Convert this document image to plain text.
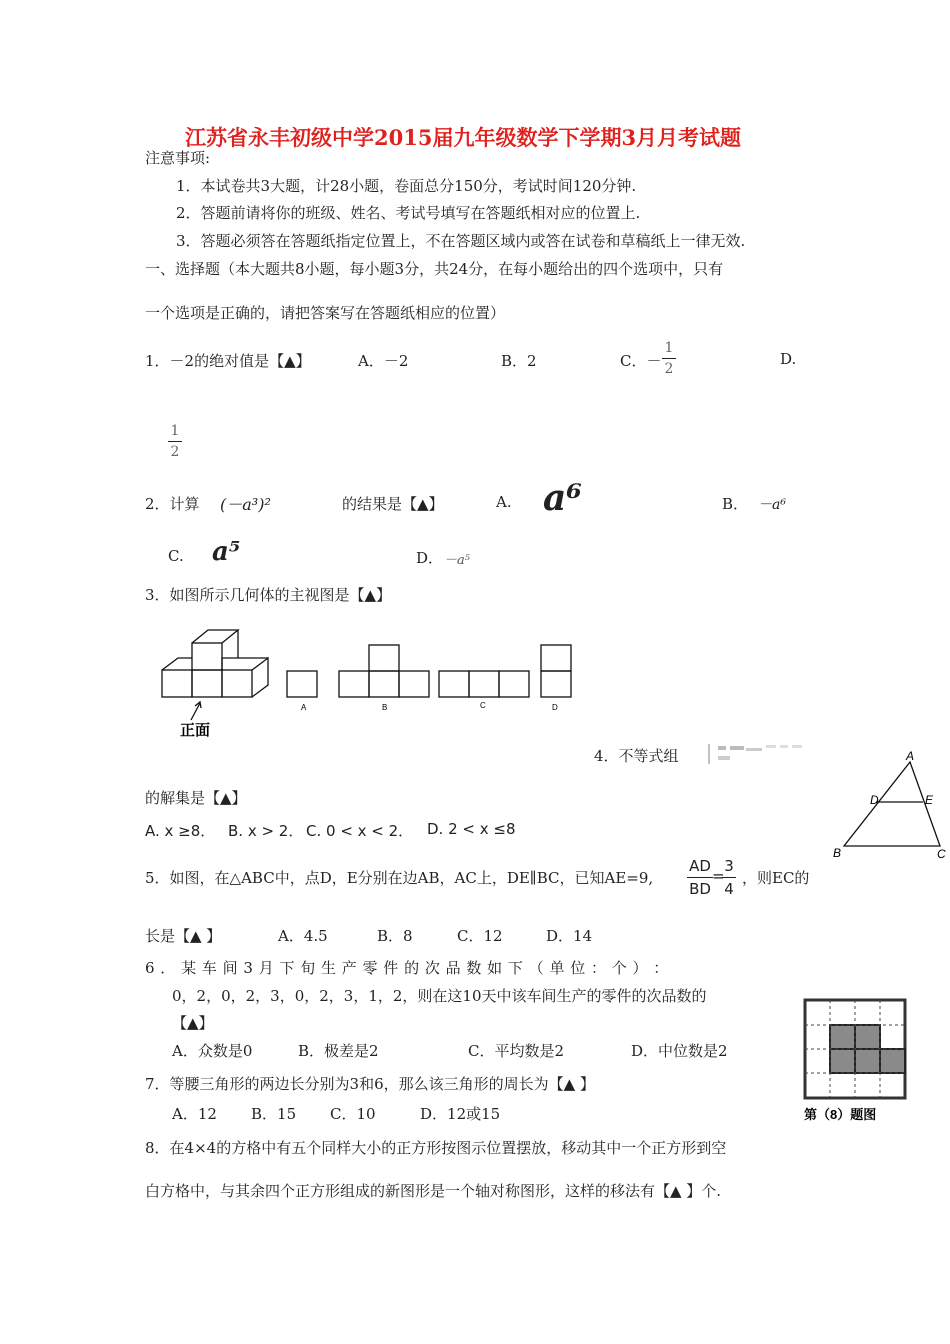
江苏省永丰初级中学2015届九年级数学下学期3月月考试题
注意事项:
1．本试卷共3大题，计28小题，卷面总分150分，考试时间120分钟.
2．答题前请将你的班级、姓名、考试号填写在答题纸相对应的位置上.
3．答题必须答在答题纸指定位置上，不在答题区域内或答在试卷和草稿纸上一律无效.
一、选择题（本大题共8小题，每小题3分，共24分，在每小题给出的四个选项中，只有
一个选项是正确的，请把答案写在答题纸相应的位置）
1．－2的绝对值是【▲】	A．－2	B．2	C．－
1
2
D.
1
2
2．计算 (－a³)²	的结果是【▲】	A. a⁶	B． －a⁶
C. a⁵	D． －a⁵
3．如图所示几何体的主视图是【▲】
A	B	C	D
正面
4．不等式组
的解集是【▲】
A. x ≥8． B. x > 2． C. 0 < x < 2． D. 2 < x ≤8
A
D	E
B	C
5．如图，在△ABC中，点D，E分别在边AB，AC上，DE∥BC，已知AE=9,
AD
BD
=
3
4
，则EC的
长是【▲ 】	A．4.5	B．8	C．12	D．14
6 ． 某 车 间 3 月 下 旬 生 产 零 件 的 次 品 数 如 下 （ 单 位 ： 个 ） ：
0，2，0，2，3，0，2，3，1，2，则在这10天中该车间生产的零件的次品数的
【▲】
A．众数是0	B．极差是2	C．平均数是2	D．中位数是2
第（8）题图
7．等腰三角形的两边长分别为3和6，那么该三角形的周长为【▲ 】
A．12 B．15 C．10	D．12或15
8．在4×4的方格中有五个同样大小的正方形按图示位置摆放，移动其中一个正方形到空
白方格中，与其余四个正方形组成的新图形是一个轴对称图形，这样的移法有【▲ 】个.
